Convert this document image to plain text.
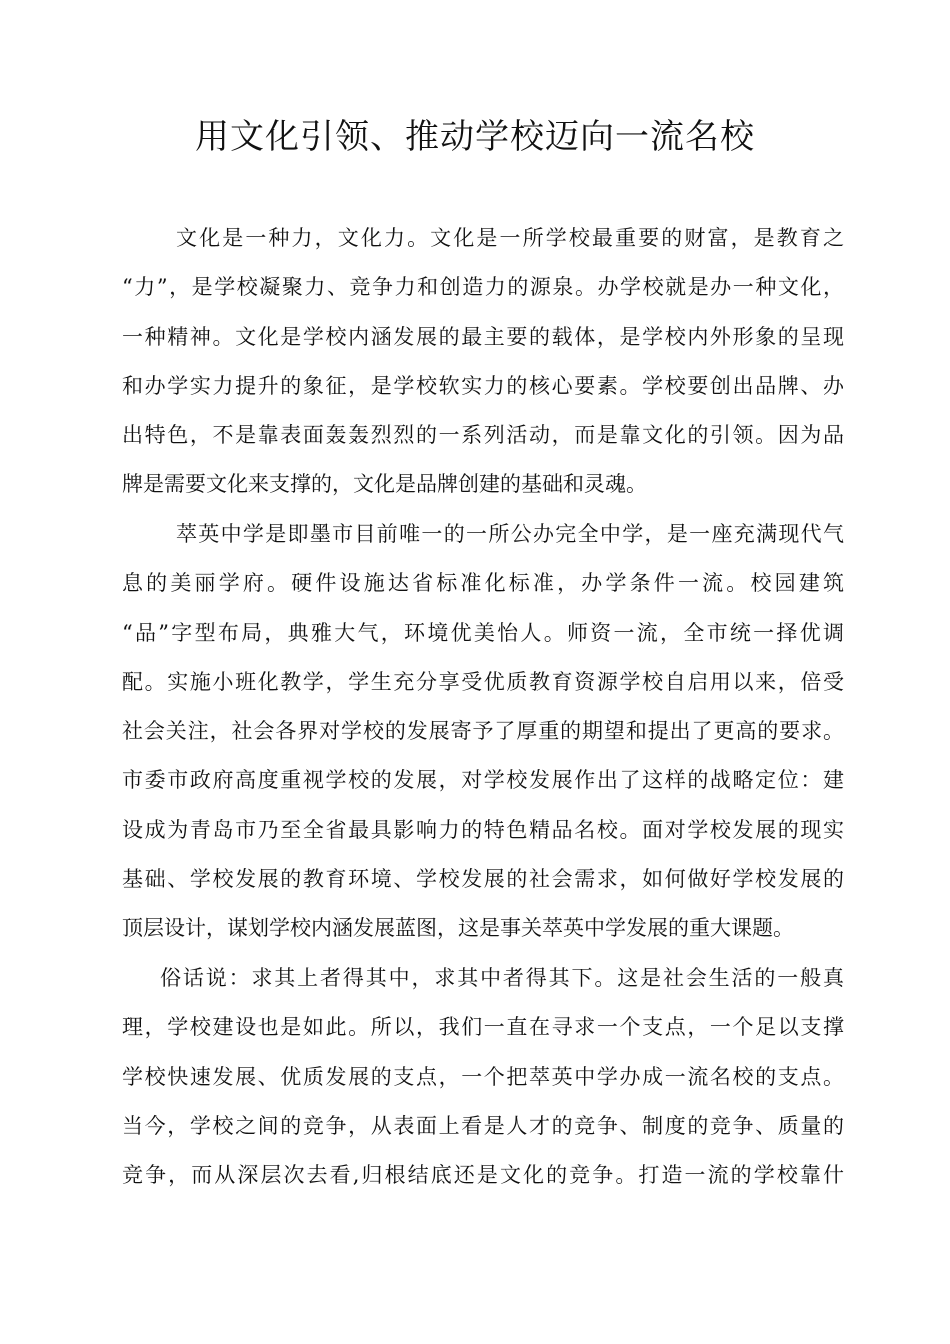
用文化引领、推动学校迈向一流名校
文化是一种力，文化力。文化是一所学校最重要的财富，是教育之
“力”，是学校凝聚力、竞争力和创造力的源泉。办学校就是办一种文化，
一种精神。文化是学校内涵发展的最主要的载体，是学校内外形象的呈现
和办学实力提升的象征，是学校软实力的核心要素。学校要创出品牌、办
出特色，不是靠表面轰轰烈烈的一系列活动，而是靠文化的引领。因为品
牌是需要文化来支撑的，文化是品牌创建的基础和灵魂。
萃英中学是即墨市目前唯一的一所公办完全中学，是一座充满现代气
息的美丽学府。硬件设施达省标准化标准，办学条件一流。校园建筑
“品”字型布局，典雅大气，环境优美怡人。师资一流，全市统一择优调
配。实施小班化教学，学生充分享受优质教育资源学校自启用以来，倍受
社会关注，社会各界对学校的发展寄予了厚重的期望和提出了更高的要求。
市委市政府高度重视学校的发展，对学校发展作出了这样的战略定位：建
设成为青岛市乃至全省最具影响力的特色精品名校。面对学校发展的现实
基础、学校发展的教育环境、学校发展的社会需求，如何做好学校发展的
顶层设计，谋划学校内涵发展蓝图，这是事关萃英中学发展的重大课题。
俗话说：求其上者得其中，求其中者得其下。这是社会生活的一般真
理，学校建设也是如此。所以，我们一直在寻求一个支点，一个足以支撑
学校快速发展、优质发展的支点，一个把萃英中学办成一流名校的支点。
当今，学校之间的竞争，从表面上看是人才的竞争、制度的竞争、质量的
竞争，而从深层次去看,归根结底还是文化的竞争。打造一流的学校靠什
